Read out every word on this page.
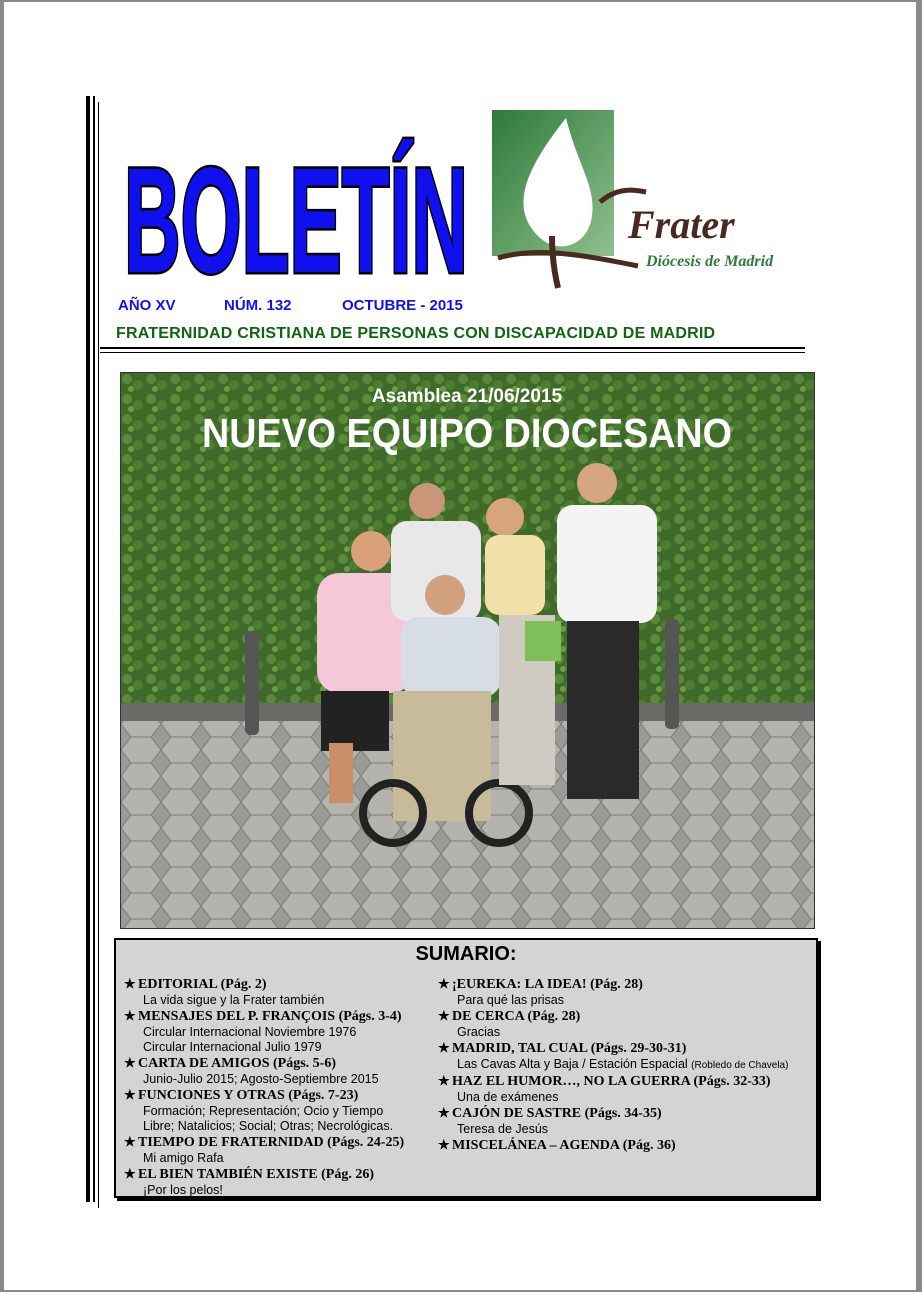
BOLETÍN	Frater
Diócesis de Madrid
AÑO XV	NÚM. 132	OCTUBRE - 2015
FRATERNIDAD CRISTIANA DE PERSONAS CON DISCAPACIDAD DE MADRID
Asamblea 21/06/2015
NUEVO EQUIPO DIOCESANO
SUMARIO:
★ EDITORIAL (Pág. 2)
La vida sigue y la Frater también
★ MENSAJES DEL P. FRANÇOIS (Págs. 3-4)
Circular Internacional Noviembre 1976
Circular Internacional Julio 1979
★ CARTA DE AMIGOS (Págs. 5-6)
Junio-Julio 2015; Agosto-Septiembre 2015
★ FUNCIONES Y OTRAS (Págs. 7-23)
Formación; Representación; Ocio y Tiempo
Libre; Natalicios; Social; Otras; Necrológicas.
★ TIEMPO DE FRATERNIDAD (Págs. 24-25)
Mi amigo Rafa
★ EL BIEN TAMBIÉN EXISTE (Pág. 26)
¡Por los pelos!
★ ¡EUREKA: LA IDEA! (Pág. 28)
Para qué las prisas
★ DE CERCA (Pág. 28)
Gracias
★ MADRID, TAL CUAL (Págs. 29-30-31)
Las Cavas Alta y Baja / Estación Espacial (Robledo de Chavela)
★ HAZ EL HUMOR…, NO LA GUERRA (Págs. 32-33)
Una de exámenes
★ CAJÓN DE SASTRE (Págs. 34-35)
Teresa de Jesús
★ MISCELÁNEA – AGENDA (Pág. 36)
